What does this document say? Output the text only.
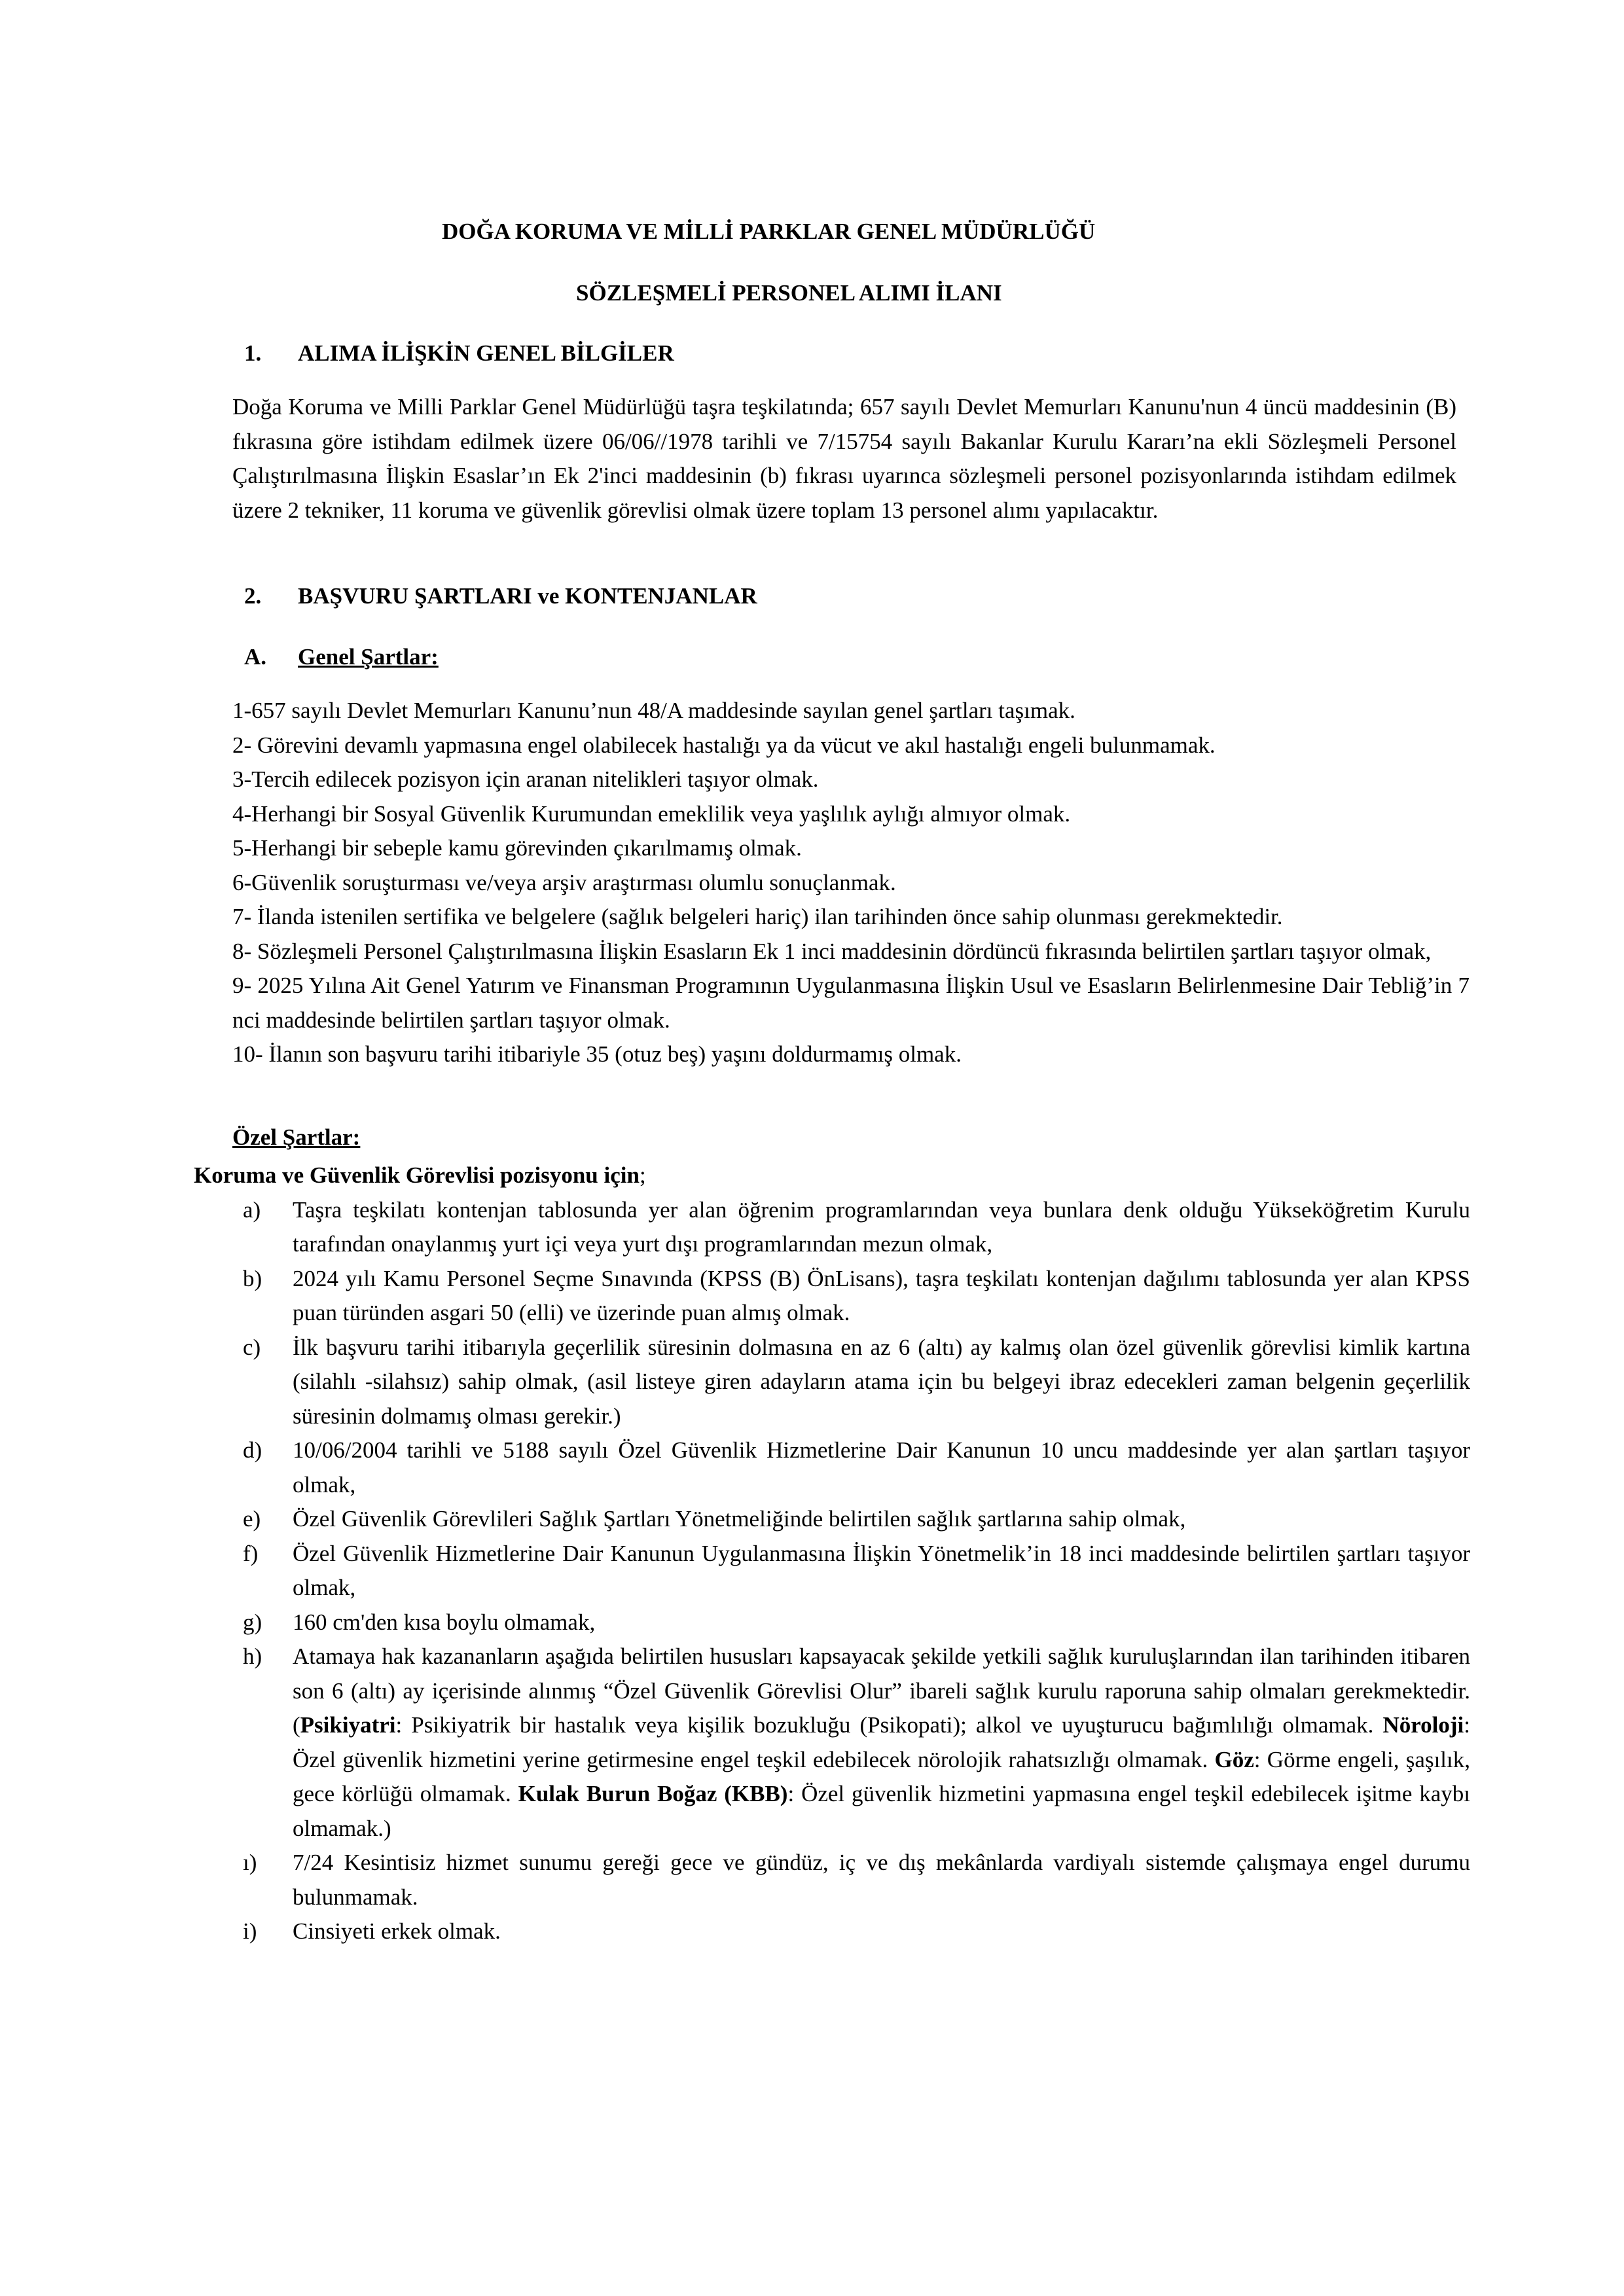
DOĞA KORUMA VE MİLLİ PARKLAR GENEL MÜDÜRLÜĞÜ
SÖZLEŞMELİ PERSONEL ALIMI İLANI
1. ALIMA İLİŞKİN GENEL BİLGİLER
Doğa Koruma ve Milli Parklar Genel Müdürlüğü taşra teşkilatında; 657 sayılı Devlet Memurları Kanunu'nun 4 üncü maddesinin (B) fıkrasına göre istihdam edilmek üzere 06/06//1978 tarihli ve 7/15754 sayılı Bakanlar Kurulu Kararı’na ekli Sözleşmeli Personel Çalıştırılmasına İlişkin Esaslar’ın Ek 2'inci maddesinin (b) fıkrası uyarınca sözleşmeli personel pozisyonlarında istihdam edilmek üzere 2 tekniker, 11 koruma ve güvenlik görevlisi olmak üzere toplam 13 personel alımı yapılacaktır.
2. BAŞVURU ŞARTLARI ve KONTENJANLAR
A. Genel Şartlar:
1-657 sayılı Devlet Memurları Kanunu’nun 48/A maddesinde sayılan genel şartları taşımak.
2- Görevini devamlı yapmasına engel olabilecek hastalığı ya da vücut ve akıl hastalığı engeli bulunmamak.
3-Tercih edilecek pozisyon için aranan nitelikleri taşıyor olmak.
4-Herhangi bir Sosyal Güvenlik Kurumundan emeklilik veya yaşlılık aylığı almıyor olmak.
5-Herhangi bir sebeple kamu görevinden çıkarılmamış olmak.
6-Güvenlik soruşturması ve/veya arşiv araştırması olumlu sonuçlanmak.
7- İlanda istenilen sertifika ve belgelere (sağlık belgeleri hariç) ilan tarihinden önce sahip olunması gerekmektedir.
8- Sözleşmeli Personel Çalıştırılmasına İlişkin Esasların Ek 1 inci maddesinin dördüncü fıkrasında belirtilen şartları taşıyor olmak,
9- 2025 Yılına Ait Genel Yatırım ve Finansman Programının Uygulanmasına İlişkin Usul ve Esasların Belirlenmesine Dair Tebliğ’in 7 nci maddesinde belirtilen şartları taşıyor olmak.
10- İlanın son başvuru tarihi itibariyle 35 (otuz beş) yaşını doldurmamış olmak.
Özel Şartlar:
Koruma ve Güvenlik Görevlisi pozisyonu için;
a) Taşra teşkilatı kontenjan tablosunda yer alan öğrenim programlarından veya bunlara denk olduğu Yükseköğretim Kurulu tarafından onaylanmış yurt içi veya yurt dışı programlarından mezun olmak,
b) 2024 yılı Kamu Personel Seçme Sınavında (KPSS (B) ÖnLisans), taşra teşkilatı kontenjan dağılımı tablosunda yer alan KPSS puan türünden asgari 50 (elli) ve üzerinde puan almış olmak.
c) İlk başvuru tarihi itibarıyla geçerlilik süresinin dolmasına en az 6 (altı) ay kalmış olan özel güvenlik görevlisi kimlik kartına (silahlı -silahsız) sahip olmak, (asil listeye giren adayların atama için bu belgeyi ibraz edecekleri zaman belgenin geçerlilik süresinin dolmamış olması gerekir.)
d) 10/06/2004 tarihli ve 5188 sayılı Özel Güvenlik Hizmetlerine Dair Kanunun 10 uncu maddesinde yer alan şartları taşıyor olmak,
e) Özel Güvenlik Görevlileri Sağlık Şartları Yönetmeliğinde belirtilen sağlık şartlarına sahip olmak,
f) Özel Güvenlik Hizmetlerine Dair Kanunun Uygulanmasına İlişkin Yönetmelik’in 18 inci maddesinde belirtilen şartları taşıyor olmak,
g) 160 cm'den kısa boylu olmamak,
h) Atamaya hak kazananların aşağıda belirtilen hususları kapsayacak şekilde yetkili sağlık kuruluşlarından ilan tarihinden itibaren son 6 (altı) ay içerisinde alınmış “Özel Güvenlik Görevlisi Olur” ibareli sağlık kurulu raporuna sahip olmaları gerekmektedir. (Psikiyatri: Psikiyatrik bir hastalık veya kişilik bozukluğu (Psikopati); alkol ve uyuşturucu bağımlılığı olmamak. Nöroloji: Özel güvenlik hizmetini yerine getirmesine engel teşkil edebilecek nörolojik rahatsızlığı olmamak. Göz: Görme engeli, şaşılık, gece körlüğü olmamak. Kulak Burun Boğaz (KBB): Özel güvenlik hizmetini yapmasına engel teşkil edebilecek işitme kaybı olmamak.)
ı) 7/24 Kesintisiz hizmet sunumu gereği gece ve gündüz, iç ve dış mekânlarda vardiyalı sistemde çalışmaya engel durumu bulunmamak.
i) Cinsiyeti erkek olmak.
